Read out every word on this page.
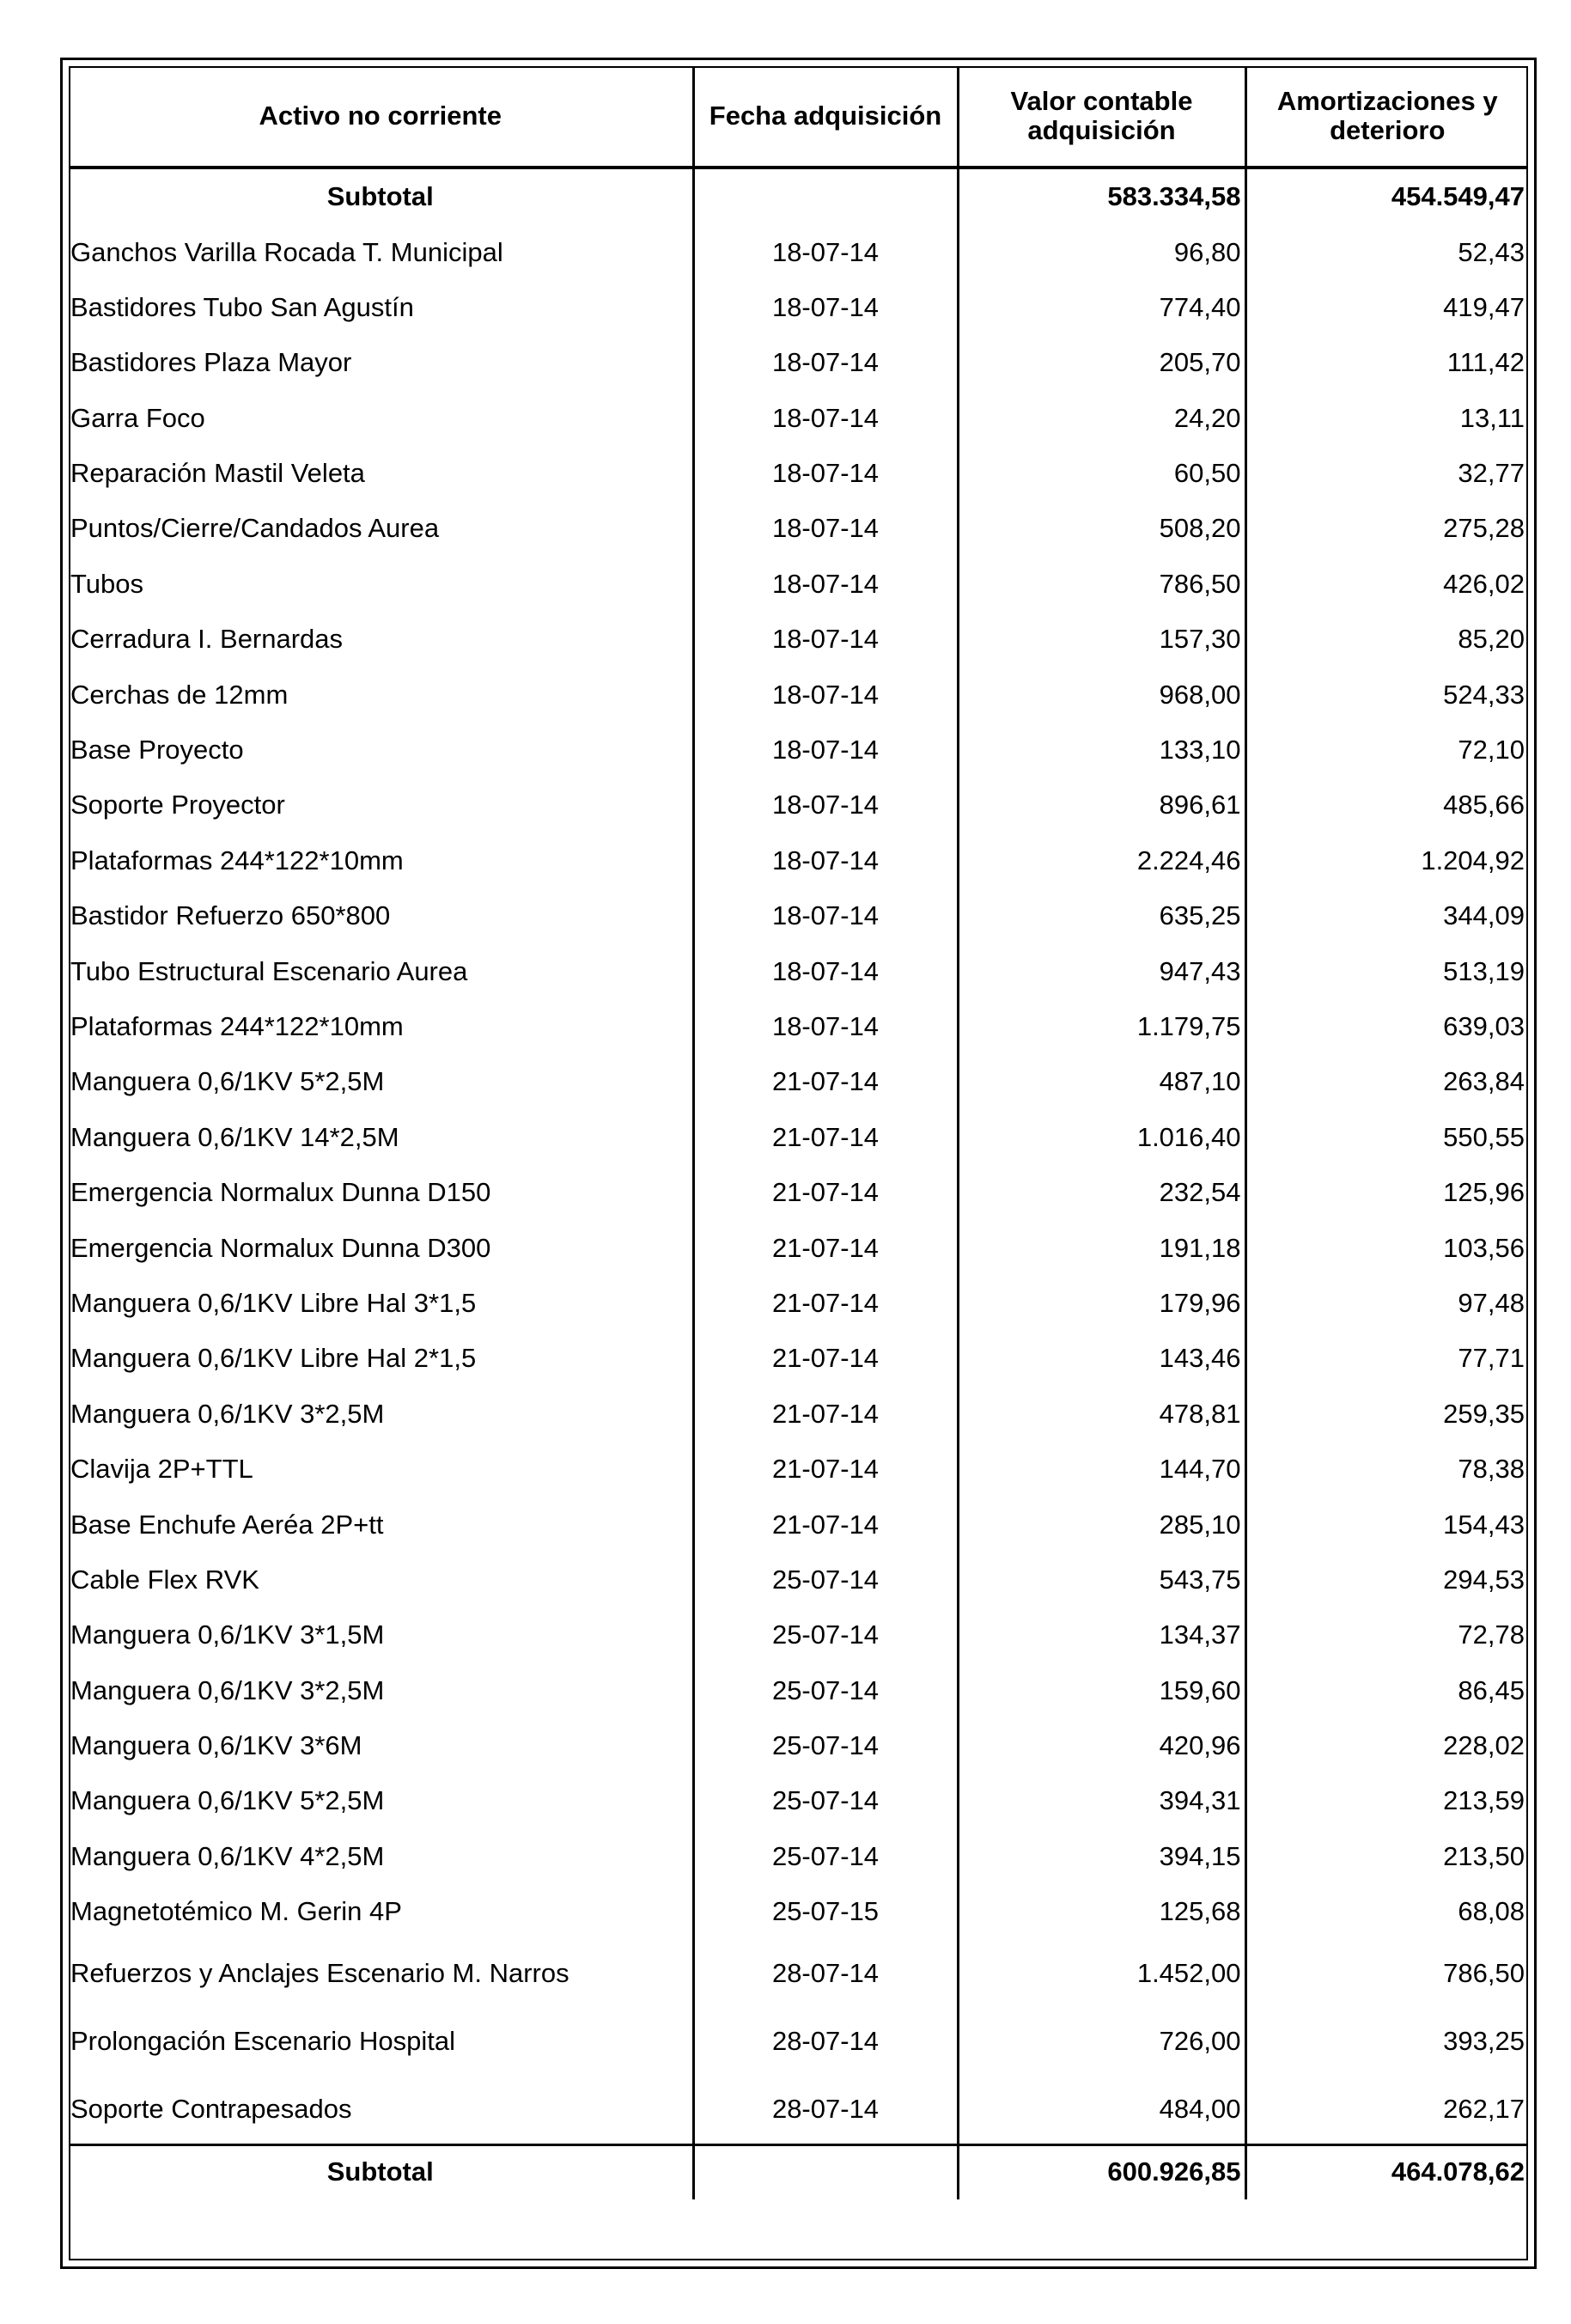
Activo no corriente	Fecha adquisición	Valor contable adquisición	Amortizaciones y deterioro
Subtotal		583.334,58	454.549,47
Ganchos Varilla Rocada T. Municipal	18-07-14	96,80	52,43
Bastidores Tubo San Agustín	18-07-14	774,40	419,47
Bastidores Plaza Mayor	18-07-14	205,70	111,42
Garra Foco	18-07-14	24,20	13,11
Reparación Mastil Veleta	18-07-14	60,50	32,77
Puntos/Cierre/Candados Aurea	18-07-14	508,20	275,28
Tubos	18-07-14	786,50	426,02
Cerradura I. Bernardas	18-07-14	157,30	85,20
Cerchas de 12mm	18-07-14	968,00	524,33
Base Proyecto	18-07-14	133,10	72,10
Soporte Proyector	18-07-14	896,61	485,66
Plataformas 244*122*10mm	18-07-14	2.224,46	1.204,92
Bastidor Refuerzo 650*800	18-07-14	635,25	344,09
Tubo Estructural Escenario Aurea	18-07-14	947,43	513,19
Plataformas 244*122*10mm	18-07-14	1.179,75	639,03
Manguera 0,6/1KV 5*2,5M	21-07-14	487,10	263,84
Manguera 0,6/1KV 14*2,5M	21-07-14	1.016,40	550,55
Emergencia Normalux Dunna D150	21-07-14	232,54	125,96
Emergencia Normalux Dunna D300	21-07-14	191,18	103,56
Manguera 0,6/1KV Libre Hal 3*1,5	21-07-14	179,96	97,48
Manguera 0,6/1KV Libre Hal 2*1,5	21-07-14	143,46	77,71
Manguera 0,6/1KV 3*2,5M	21-07-14	478,81	259,35
Clavija 2P+TTL	21-07-14	144,70	78,38
Base Enchufe Aeréa 2P+tt	21-07-14	285,10	154,43
Cable Flex RVK	25-07-14	543,75	294,53
Manguera 0,6/1KV 3*1,5M	25-07-14	134,37	72,78
Manguera 0,6/1KV 3*2,5M	25-07-14	159,60	86,45
Manguera 0,6/1KV 3*6M	25-07-14	420,96	228,02
Manguera 0,6/1KV 5*2,5M	25-07-14	394,31	213,59
Manguera 0,6/1KV 4*2,5M	25-07-14	394,15	213,50
Magnetotémico M. Gerin 4P	25-07-15	125,68	68,08
Refuerzos y Anclajes Escenario M. Narros	28-07-14	1.452,00	786,50
Prolongación Escenario Hospital	28-07-14	726,00	393,25
Soporte Contrapesados	28-07-14	484,00	262,17
Subtotal		600.926,85	464.078,62
